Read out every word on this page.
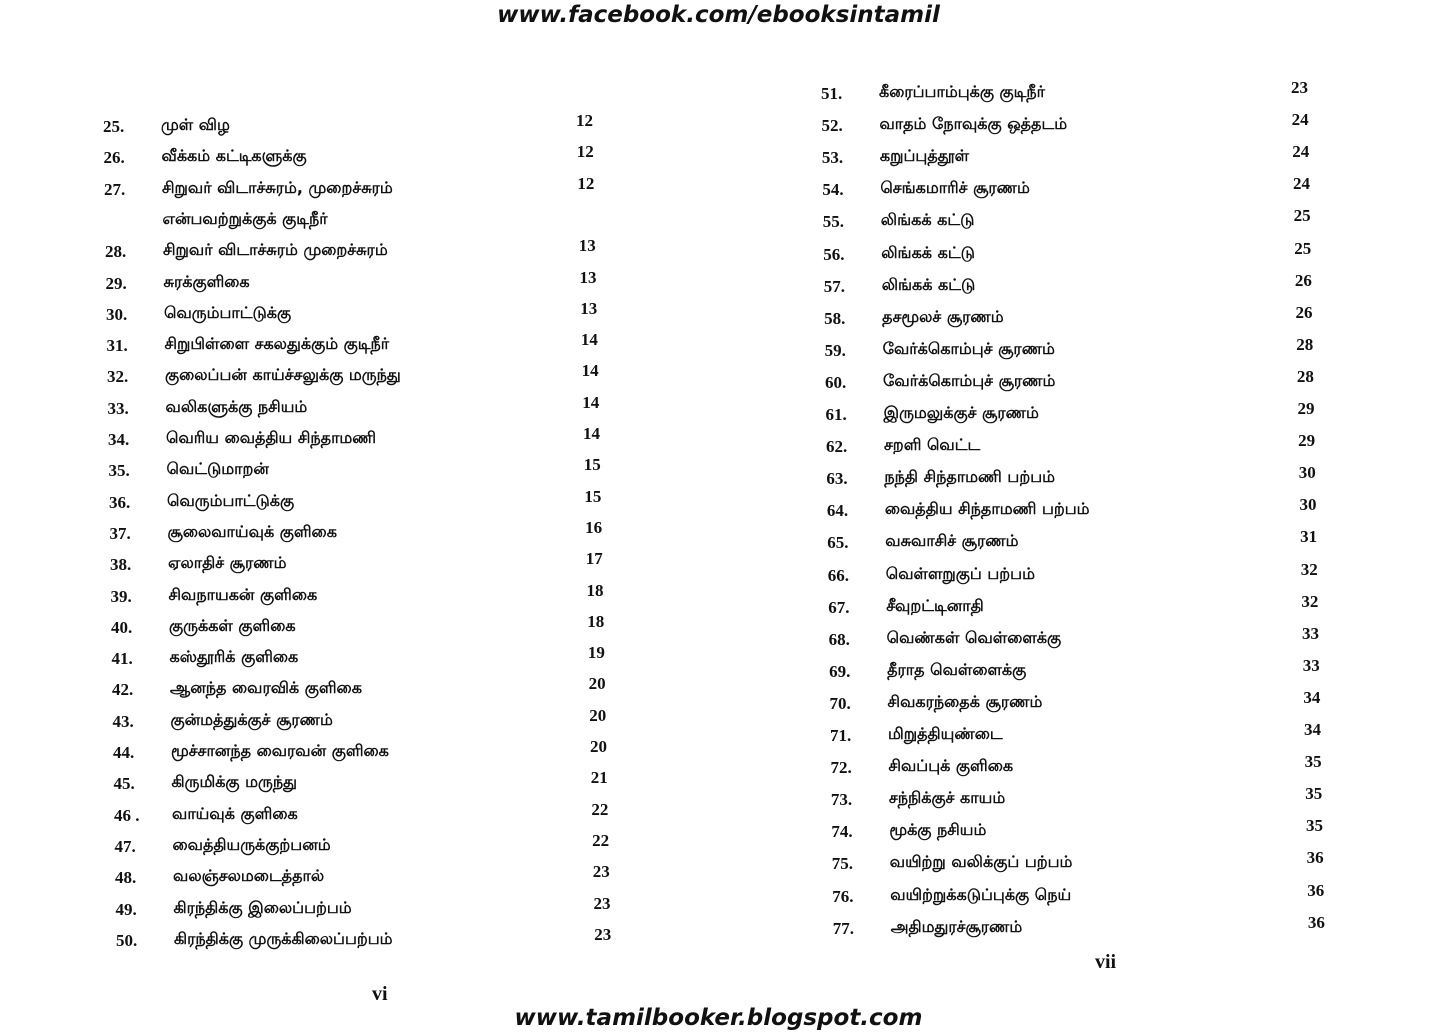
www.facebook.com/ebooksintamil
25.	முள் விழ	12
26.	வீக்கம் கட்டிகளுக்கு	12
27.	சிறுவர் விடாச்சுரம், முறைச்சுரம்	12
என்பவற்றுக்குக் குடிநீர்
28.	சிறுவர் விடாச்சுரம் முறைச்சுரம்	13
29.	சுரக்குளிகை	13
30.	வெரும்பாட்டுக்கு	13
31.	சிறுபிள்ளை சகலதுக்கும் குடிநீர்	14
32.	குலைப்பன் காய்ச்சலுக்கு மருந்து	14
33.	வலிகளுக்கு நசியம்	14
34.	வெரிய வைத்திய சிந்தாமணி	14
35.	வெட்டுமாறன்	15
36.	வெரும்பாட்டுக்கு	15
37.	சூலைவாய்வுக் குளிகை	16
38.	ஏலாதிச் சூரணம்	17
39.	சிவநாயகன் குளிகை	18
40.	குருக்கள் குளிகை	18
41.	கஸ்தூரிக் குளிகை	19
42.	ஆனந்த வைரவிக் குளிகை	20
43.	குன்மத்துக்குச் சூரணம்	20
44.	மூச்சானந்த வைரவன் குளிகை	20
45.	கிருமிக்கு மருந்து	21
46 .	வாய்வுக் குளிகை	22
47.	வைத்தியருக்குற்பனம்	22
48.	வலஞ்சலமடைத்தால்	23
49.	கிரந்திக்கு இலைப்பற்பம்	23
50.	கிரந்திக்கு முருக்கிலைப்பற்பம்	23
51.	கீரைப்பாம்புக்கு குடிநீர்	23
52.	வாதம் நோவுக்கு ஒத்தடம்	24
53.	கறுப்புத்தூள்	24
54.	செங்கமாரிச் சூரணம்	24
55.	லிங்கக் கட்டு	25
56.	லிங்கக் கட்டு	25
57.	லிங்கக் கட்டு	26
58.	தசமூலச் சூரணம்	26
59.	வேர்க்கொம்புச் சூரணம்	28
60.	வேர்க்கொம்புச் சூரணம்	28
61.	இருமலுக்குச் சூரணம்	29
62.	சறளி வெட்ட	29
63.	நந்தி சிந்தாமணி பற்பம்	30
64.	வைத்திய சிந்தாமணி பற்பம்	30
65.	வசுவாசிச் சூரணம்	31
66.	வெள்ளறுகுப் பற்பம்	32
67.	சீவுறட்டினாதி	32
68.	வெண்கள் வெள்ளைக்கு	33
69.	தீராத வெள்ளைக்கு	33
70.	சிவகரந்தைக் சூரணம்	34
71.	மிறுத்தியுண்டை	34
72.	சிவப்புக் குளிகை	35
73.	சந்நிக்குச் காயம்	35
74.	மூக்கு நசியம்	35
75.	வயிற்று வலிக்குப் பற்பம்	36
76.	வயிற்றுக்கடுப்புக்கு நெய்	36
77.	அதிமதுரச்சூரணம்	36
vi
vii
www.tamilbooker.blogspot.com
